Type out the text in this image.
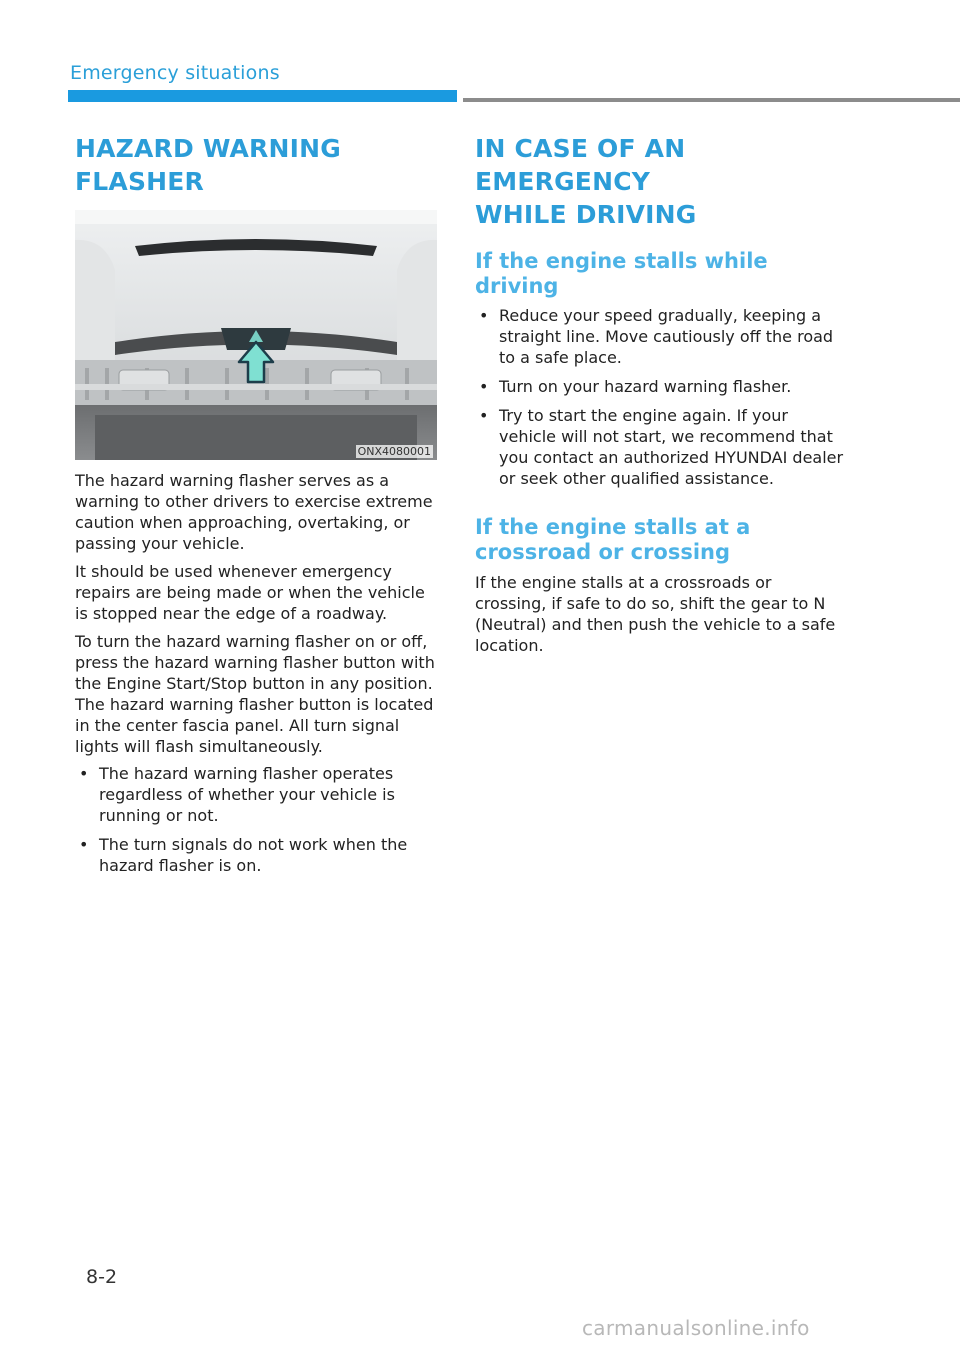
Emergency situations
HAZARD WARNING
FLASHER
ONX4080001

The hazard warning flasher serves as a warning to other drivers to exercise extreme caution when approaching, overtaking, or passing your vehicle.

It should be used whenever emergency repairs are being made or when the vehicle is stopped near the edge of a roadway.

To turn the hazard warning flasher on or off, press the hazard warning flasher button with the Engine Start/Stop button in any position. The hazard warning flasher button is located in the center fascia panel. All turn signal lights will flash simultaneously.

• The hazard warning flasher operates regardless of whether your vehicle is running or not.
• The turn signals do not work when the hazard flasher is on.
IN CASE OF AN EMERGENCY
WHILE DRIVING
If the engine stalls while driving
• Reduce your speed gradually, keeping a straight line. Move cautiously off the road to a safe place.
• Turn on your hazard warning flasher.
• Try to start the engine again. If your vehicle will not start, we recommend that you contact an authorized HYUNDAI dealer or seek other qualified assistance.
If the engine stalls at a crossroad or crossing

If the engine stalls at a crossroads or crossing, if safe to do so, shift the gear to N (Neutral) and then push the vehicle to a safe location.

8-2
carmanualsonline.info
